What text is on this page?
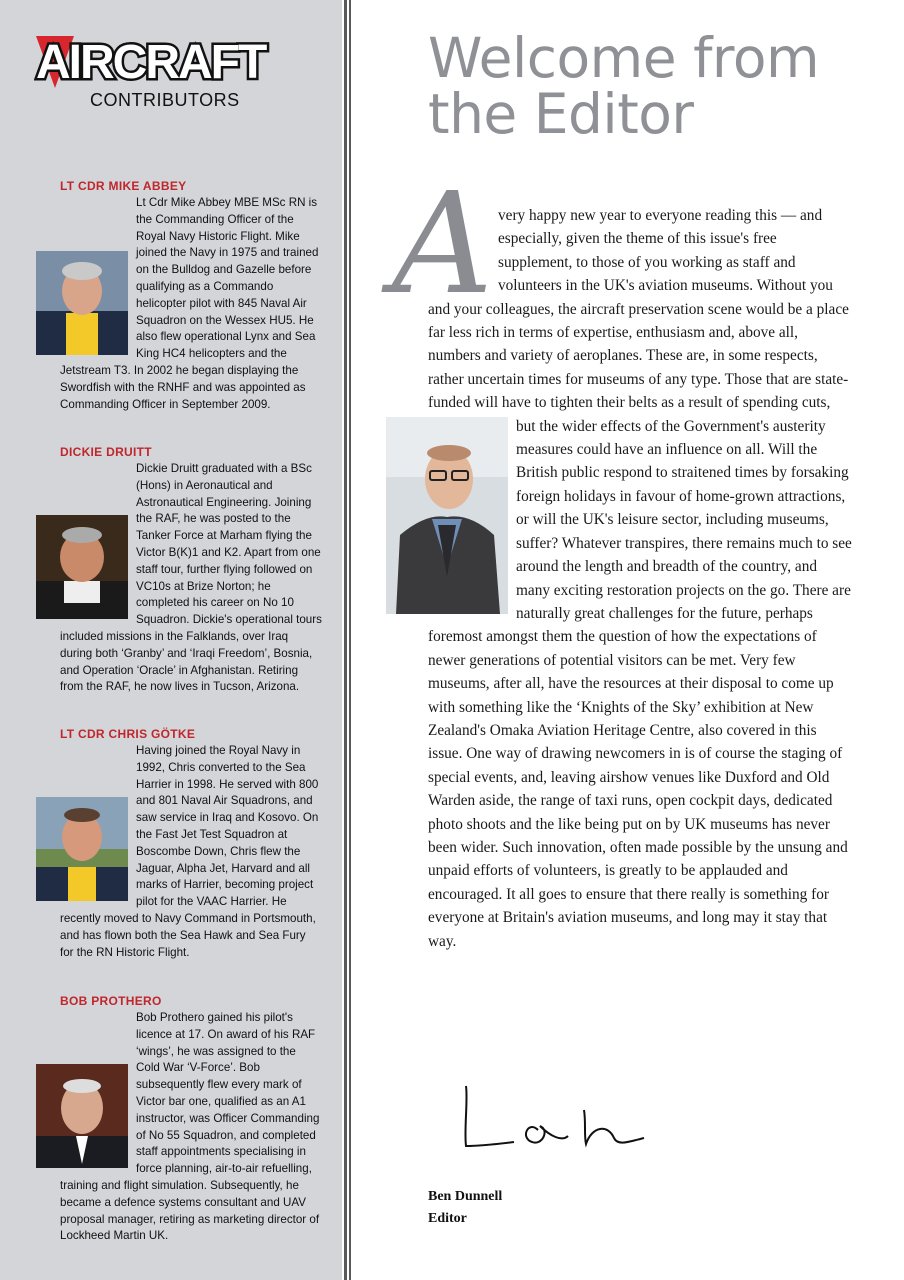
AIRCRAFT
CONTRIBUTORS
LT CDR MIKE ABBEY
Lt Cdr Mike Abbey MBE MSc RN is the Commanding Officer of the Royal Navy Historic Flight. Mike joined the Navy in 1975 and trained on the Bulldog and Gazelle before qualifying as a Commando helicopter pilot with 845 Naval Air Squadron on the Wessex HU5. He also flew operational Lynx and Sea King HC4 helicopters and the Jetstream T3. In 2002 he began displaying the Swordfish with the RNHF and was appointed as Commanding Officer in September 2009.
DICKIE DRUITT
Dickie Druitt graduated with a BSc (Hons) in Aeronautical and Astronautical Engineering. Joining the RAF, he was posted to the Tanker Force at Marham flying the Victor B(K)1 and K2. Apart from one staff tour, further flying followed on VC10s at Brize Norton; he completed his career on No 10 Squadron. Dickie's operational tours included missions in the Falklands, over Iraq during both ‘Granby’ and ‘Iraqi Freedom’, Bosnia, and Operation ‘Oracle’ in Afghanistan. Retiring from the RAF, he now lives in Tucson, Arizona.
LT CDR CHRIS GÖTKE
Having joined the Royal Navy in 1992, Chris converted to the Sea Harrier in 1998. He served with 800 and 801 Naval Air Squadrons, and saw service in Iraq and Kosovo. On the Fast Jet Test Squadron at Boscombe Down, Chris flew the Jaguar, Alpha Jet, Harvard and all marks of Harrier, becoming project pilot for the VAAC Harrier. He recently moved to Navy Command in Portsmouth, and has flown both the Sea Hawk and Sea Fury for the RN Historic Flight.
BOB PROTHERO
Bob Prothero gained his pilot's licence at 17. On award of his RAF ‘wings’, he was assigned to the Cold War ‘V-Force’. Bob subsequently flew every mark of Victor bar one, qualified as an A1 instructor, was Officer Commanding of No 55 Squadron, and completed staff appointments specialising in force planning, air-to-air refuelling, training and flight simulation. Subsequently, he became a defence systems consultant and UAV proposal manager, retiring as marketing director of Lockheed Martin UK.
Welcome from
the Editor
A very happy new year to everyone reading this — and especially, given the theme of this issue's free supplement, to those of you working as staff and volunteers in the UK's aviation museums. Without you and your colleagues, the aircraft preservation scene would be a place far less rich in terms of expertise, enthusiasm and, above all, numbers and variety of aeroplanes. These are, in some respects, rather uncertain times for museums of any type. Those that are state-funded will have to tighten their belts as a result of spending cuts,
but the wider effects of the Government's austerity measures could have an influence on all. Will the British public respond to straitened times by forsaking foreign holidays in favour of home-grown attractions, or will the UK's leisure sector, including museums, suffer? Whatever transpires, there remains much to see around the length and breadth of the country, and many exciting restoration projects on the go. There are naturally great challenges for the future, perhaps foremost amongst them the question of how the expectations of newer generations of potential visitors can be met. Very few museums, after all, have the resources at their disposal to come up with something like the ‘Knights of the Sky’ exhibition at New Zealand's Omaka Aviation Heritage Centre, also covered in this issue. One way of drawing newcomers in is of course the staging of special events, and, leaving airshow venues like Duxford and Old Warden aside, the range of taxi runs, open cockpit days, dedicated photo shoots and the like being put on by UK museums has never been wider. Such innovation, often made possible by the unsung and unpaid efforts of volunteers, is greatly to be applauded and encouraged. It all goes to ensure that there really is something for everyone at Britain's aviation museums, and long may it stay that way.
Ben Dunnell
Editor
